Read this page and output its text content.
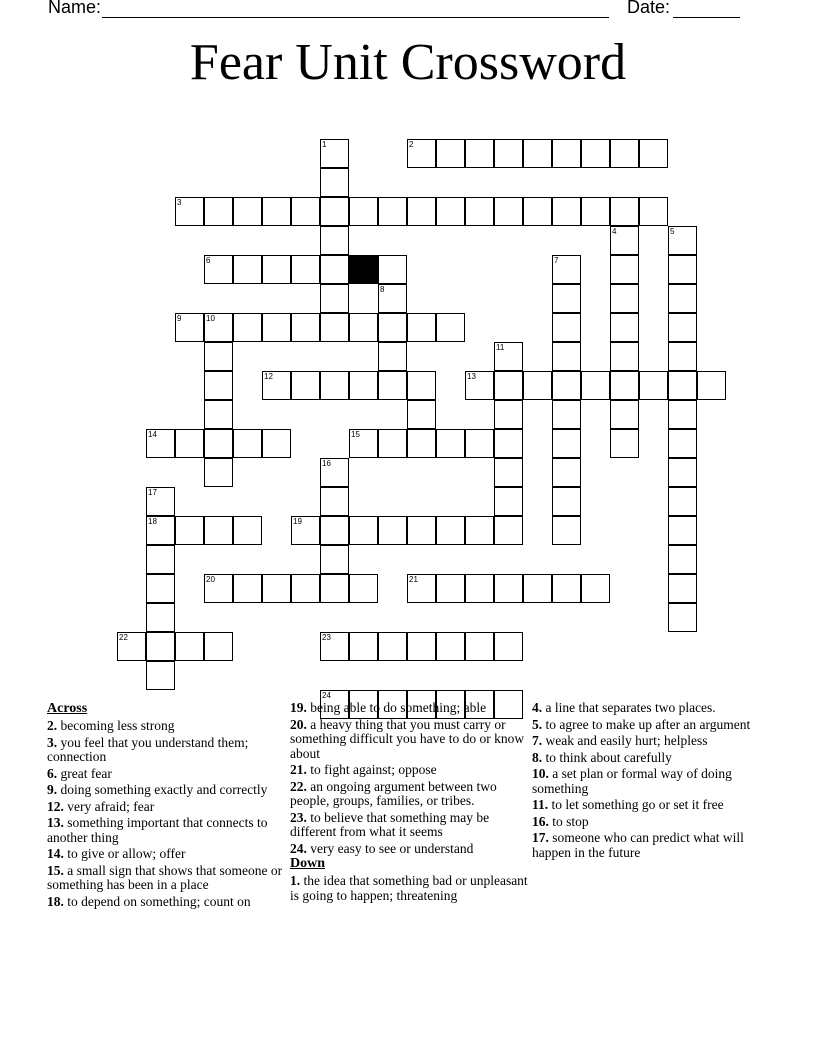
Name:	Date:
Fear Unit Crossword
1	2
3
4	5
6	7
8
9	10
11
12	13
14	15
16
17
18	19
20	21
22	23
24
Across
2. becoming less strong
3. you feel that you understand them; connection
6. great fear
9. doing something exactly and correctly
12. very afraid; fear
13. something important that connects to another thing
14. to give or allow; offer
15. a small sign that shows that someone or something has been in a place
18. to depend on something; count on
19. being able to do something; able
20. a heavy thing that you must carry or something difficult you have to do or know about
21. to fight against; oppose
22. an ongoing argument between two people, groups, families, or tribes.
23. to believe that something may be different from what it seems
24. very easy to see or understand
Down
1. the idea that something bad or unpleasant is going to happen; threatening
4. a line that separates two places.
5. to agree to make up after an argument
7. weak and easily hurt; helpless
8. to think about carefully
10. a set plan or formal way of doing something
11. to let something go or set it free
16. to stop
17. someone who can predict what will happen in the future
